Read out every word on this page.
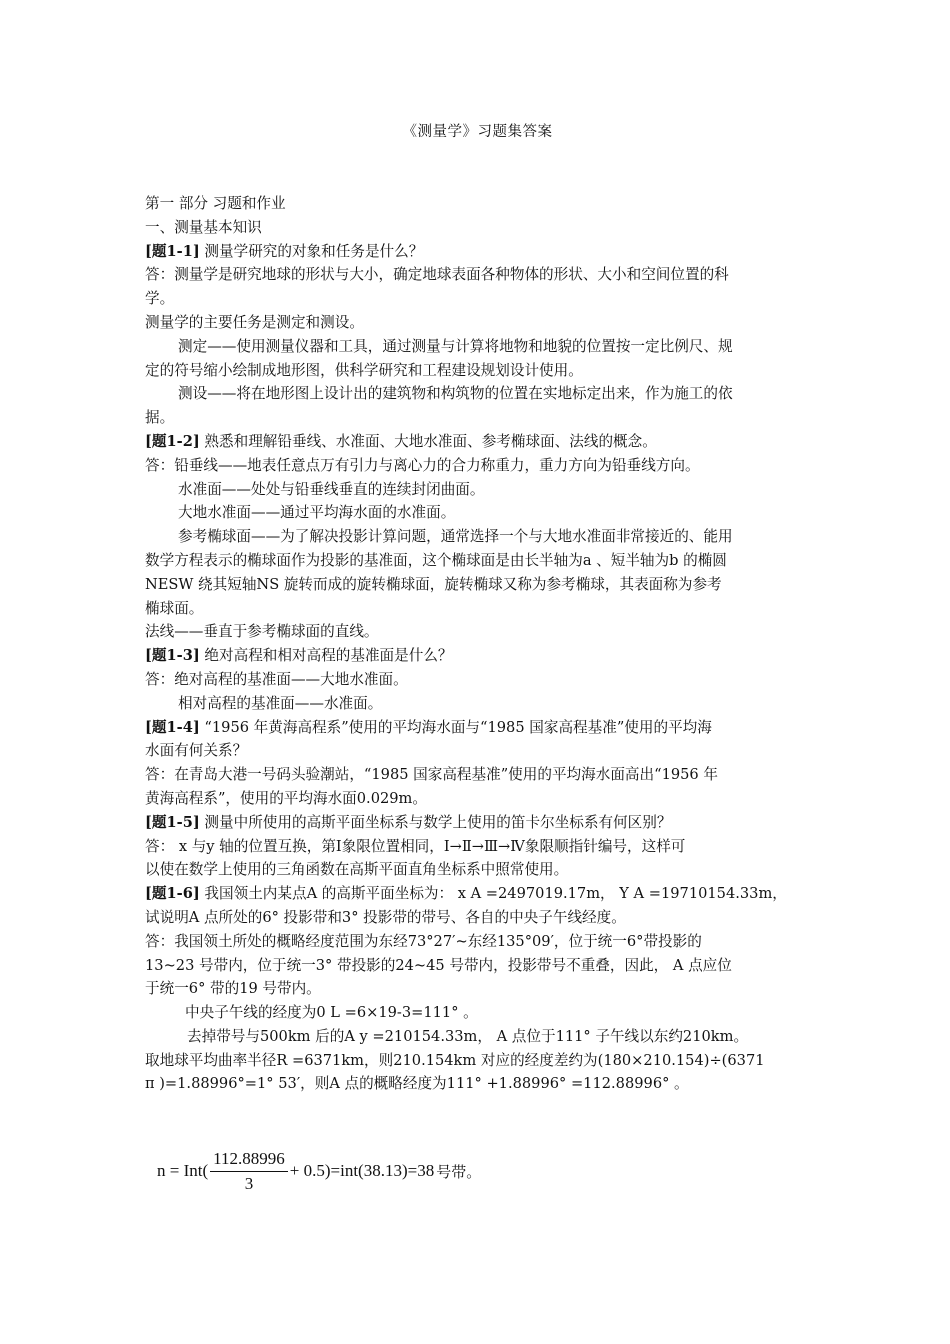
《测量学》习题集答案
第一 部分 习题和作业
一、测量基本知识
[题1-1] 测量学研究的对象和任务是什么？
答：测量学是研究地球的形状与大小，确定地球表面各种物体的形状、大小和空间位置的科
学。
测量学的主要任务是测定和测设。
测定——使用测量仪器和工具，通过测量与计算将地物和地貌的位置按一定比例尺、规
定的符号缩小绘制成地形图，供科学研究和工程建设规划设计使用。
测设——将在地形图上设计出的建筑物和构筑物的位置在实地标定出来，作为施工的依
据。
[题1-2] 熟悉和理解铅垂线、水准面、大地水准面、参考椭球面、法线的概念。
答：铅垂线——地表任意点万有引力与离心力的合力称重力，重力方向为铅垂线方向。
水准面——处处与铅垂线垂直的连续封闭曲面。
大地水准面——通过平均海水面的水准面。
参考椭球面——为了解决投影计算问题，通常选择一个与大地水准面非常接近的、能用
数学方程表示的椭球面作为投影的基准面，这个椭球面是由长半轴为a 、短半轴为b 的椭圆
NESW 绕其短轴NS 旋转而成的旋转椭球面，旋转椭球又称为参考椭球，其表面称为参考
椭球面。
法线——垂直于参考椭球面的直线。
[题1-3] 绝对高程和相对高程的基准面是什么？
答：绝对高程的基准面——大地水准面。
相对高程的基准面——水准面。
[题1-4] “1956 年黄海高程系”使用的平均海水面与“1985 国家高程基准”使用的平均海
水面有何关系？
答：在青岛大港一号码头验潮站，“1985 国家高程基准”使用的平均海水面高出“1956 年
黄海高程系”，使用的平均海水面0.029m。
[题1-5] 测量中所使用的高斯平面坐标系与数学上使用的笛卡尔坐标系有何区别？
答： x 与y 轴的位置互换，第Ⅰ象限位置相同，Ⅰ→Ⅱ→Ⅲ→Ⅳ象限顺指针编号，这样可
以使在数学上使用的三角函数在高斯平面直角坐标系中照常使用。
[题1-6] 我国领土内某点A 的高斯平面坐标为： x A =2497019.17m， Y A =19710154.33m，
试说明A 点所处的6° 投影带和3° 投影带的带号、各自的中央子午线经度。
答：我国领土所处的概略经度范围为东经73°27′~东经135°09′，位于统一6°带投影的
13~23 号带内，位于统一3° 带投影的24~45 号带内，投影带号不重叠，因此， A 点应位
于统一6° 带的19 号带内。
中央子午线的经度为0 L =6×19-3=111° 。
去掉带号与500km 后的A y =210154.33m， A 点位于111° 子午线以东约210km。
取地球平均曲率半径R =6371km，则210.154km 对应的经度差约为(180×210.154)÷(6371
π )=1.88996°=1° 53′，则A 点的概略经度为111° +1.88996° =112.88996° 。
$n = Int( \frac{112.88996}{3} + 0.5) =int(38.13)=38$ 号带。
